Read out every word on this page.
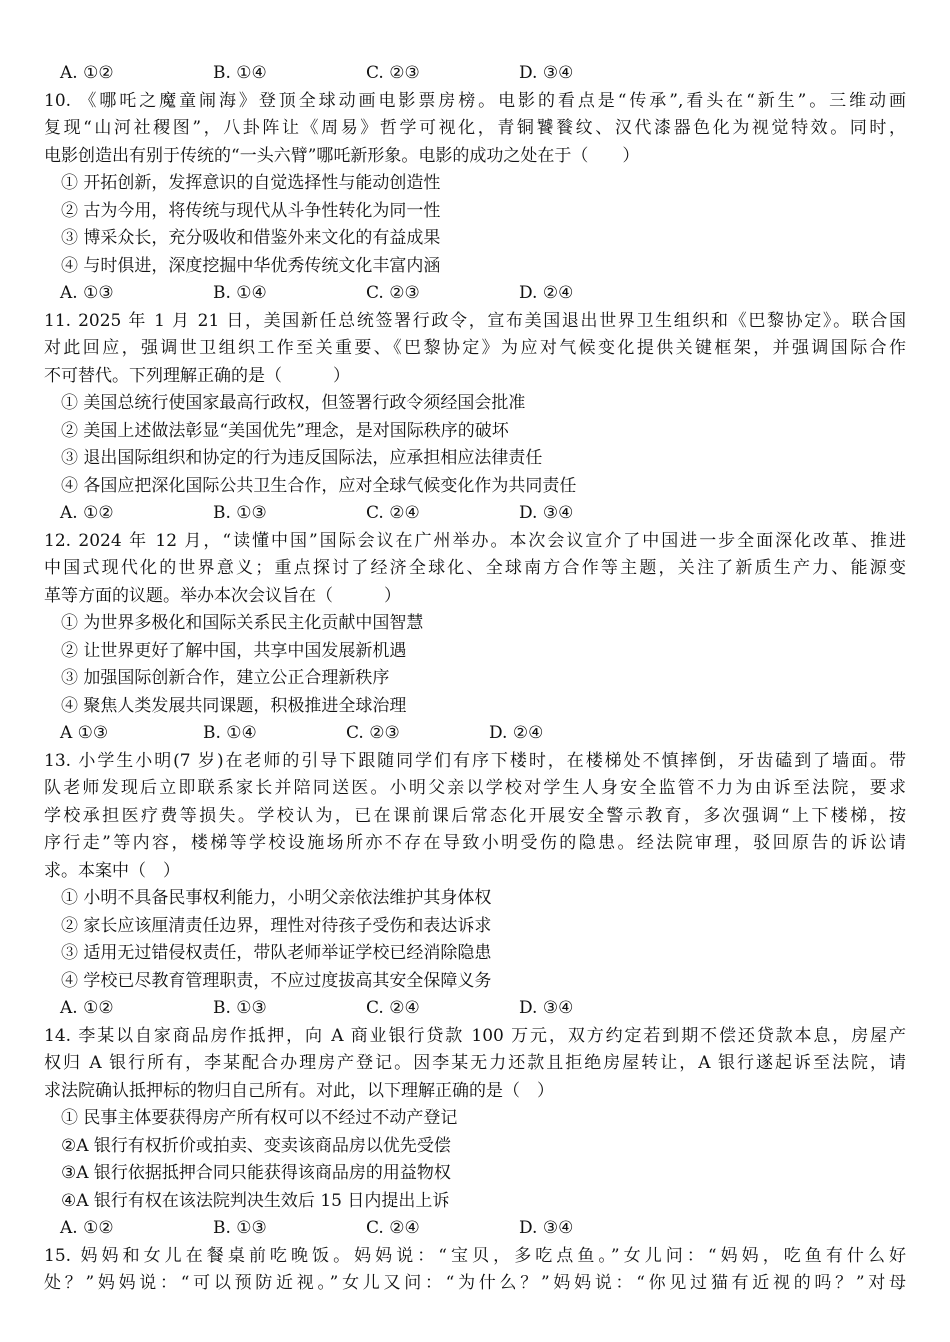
A. ①②	B. ①④	C. ②③	D. ③④
10. 《哪吒之魔童闹海》登顶全球动画电影票房榜。电影的看点是“传承”,看头在“新生”。三维动画
复现“山河社稷图”，八卦阵让《周易》哲学可视化，青铜饕餮纹、汉代漆器色化为视觉特效。同时，
电影创造出有别于传统的“一头六臂”哪吒新形象。电影的成功之处在于（　　）
① 开拓创新，发挥意识的自觉选择性与能动创造性
② 古为今用，将传统与现代从斗争性转化为同一性
③ 博采众长，充分吸收和借鉴外来文化的有益成果
④ 与时俱进，深度挖掘中华优秀传统文化丰富内涵
A. ①③	B. ①④	C. ②③	D. ②④
11. 2025 年 1 月 21 日，美国新任总统签署行政令，宣布美国退出世界卫生组织和《巴黎协定》。联合国
对此回应，强调世卫组织工作至关重要、《巴黎协定》为应对气候变化提供关键框架，并强调国际合作
不可替代。下列理解正确的是（　　　）
① 美国总统行使国家最高行政权，但签署行政令须经国会批准
② 美国上述做法彰显“美国优先”理念，是对国际秩序的破坏
③ 退出国际组织和协定的行为违反国际法，应承担相应法律责任
④ 各国应把深化国际公共卫生合作，应对全球气候变化作为共同责任
A. ①②	B. ①③	C. ②④	D. ③④
12. 2024 年 12 月，“读懂中国”国际会议在广州举办。本次会议宣介了中国进一步全面深化改革、推进
中国式现代化的世界意义；重点探讨了经济全球化、全球南方合作等主题，关注了新质生产力、能源变
革等方面的议题。举办本次会议旨在（　　　）
① 为世界多极化和国际关系民主化贡献中国智慧
② 让世界更好了解中国，共享中国发展新机遇
③ 加强国际创新合作，建立公正合理新秩序
④ 聚焦人类发展共同课题，积极推进全球治理
A ①③	B. ①④	C. ②③	D. ②④
13. 小学生小明(7 岁)在老师的引导下跟随同学们有序下楼时，在楼梯处不慎摔倒，牙齿磕到了墙面。带
队老师发现后立即联系家长并陪同送医。小明父亲以学校对学生人身安全监管不力为由诉至法院，要求
学校承担医疗费等损失。学校认为，已在课前课后常态化开展安全警示教育，多次强调“上下楼梯，按
序行走”等内容，楼梯等学校设施场所亦不存在导致小明受伤的隐患。经法院审理，驳回原告的诉讼请
求。本案中（　）
① 小明不具备民事权利能力，小明父亲依法维护其身体权
② 家长应该厘清责任边界，理性对待孩子受伤和表达诉求
③ 适用无过错侵权责任，带队老师举证学校已经消除隐患
④ 学校已尽教育管理职责，不应过度拔高其安全保障义务
A. ①②	B. ①③	C. ②④	D. ③④
14. 李某以自家商品房作抵押，向 A 商业银行贷款 100 万元，双方约定若到期不偿还贷款本息，房屋产
权归 A 银行所有，李某配合办理房产登记。因李某无力还款且拒绝房屋转让，A 银行遂起诉至法院，请
求法院确认抵押标的物归自己所有。对此，以下理解正确的是（　）
① 民事主体要获得房产所有权可以不经过不动产登记
②A 银行有权折价或拍卖、变卖该商品房以优先受偿
③A 银行依据抵押合同只能获得该商品房的用益物权
④A 银行有权在该法院判决生效后 15 日内提出上诉
A. ①②	B. ①③	C. ②④	D. ③④
15. 妈妈和女儿在餐桌前吃晚饭。妈妈说：“宝贝，多吃点鱼。”女儿问：“妈妈，吃鱼有什么好
处？”妈妈说：“可以预防近视。”女儿又问：“为什么？”妈妈说：“你见过猫有近视的吗？”对母
